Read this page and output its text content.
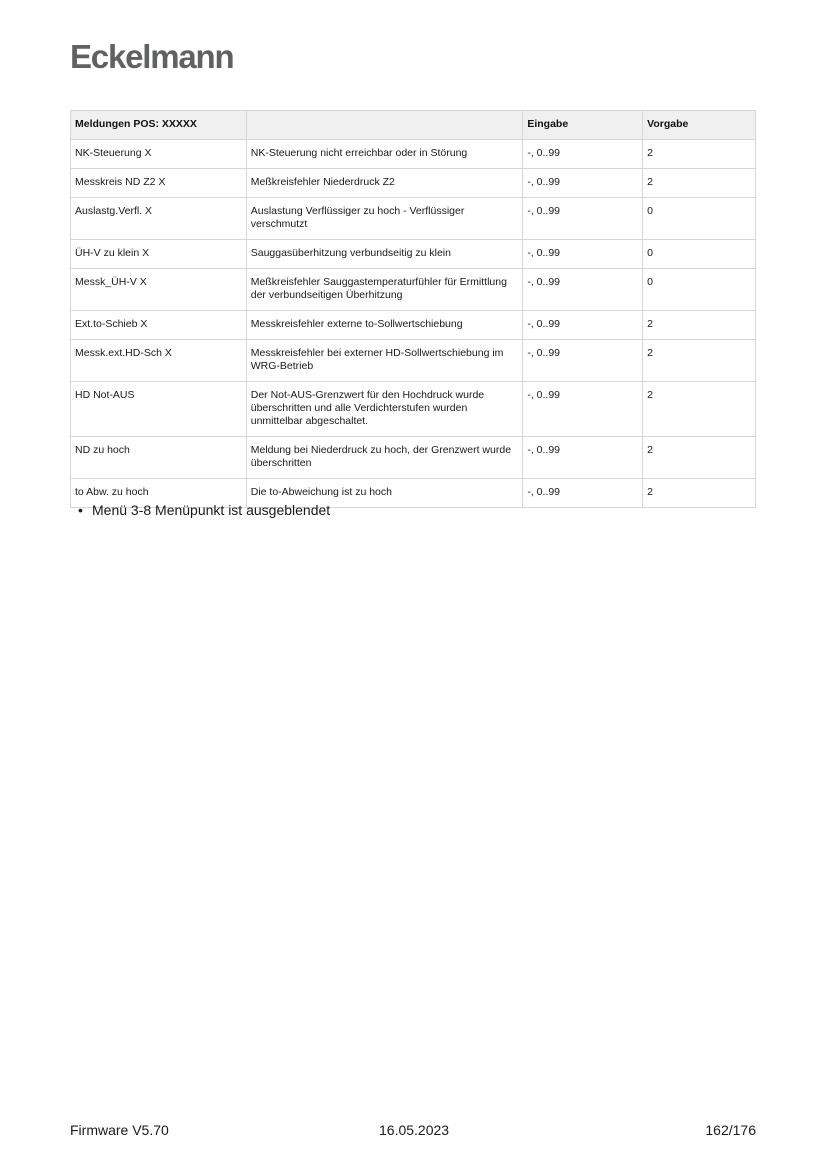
Eckelmann
Meldungen POS: XXXXX		Eingabe	Vorgabe
NK-Steuerung X	NK-Steuerung nicht erreichbar oder in Störung	-, 0..99	2
Messkreis ND Z2 X	Meßkreisfehler Niederdruck Z2	-, 0..99	2
Auslastg.Verfl. X	Auslastung Verflüssiger zu hoch - Verflüssiger verschmutzt	-, 0..99	0
ÜH-V zu klein X	Sauggasüberhitzung verbundseitig zu klein	-, 0..99	0
Messk_ÜH-V X	Meßkreisfehler Sauggastemperaturfühler für Ermittlung der verbundseitigen Überhitzung	-, 0..99	0
Ext.to-Schieb X	Messkreisfehler externe to-Sollwertschiebung	-, 0..99	2
Messk.ext.HD-Sch X	Messkreisfehler bei externer HD-Sollwertschiebung im WRG-Betrieb	-, 0..99	2
HD Not-AUS	Der Not-AUS-Grenzwert für den Hochdruck wurde überschritten und alle Verdichterstufen wurden unmittelbar abgeschaltet.	-, 0..99	2
ND zu hoch	Meldung bei Niederdruck zu hoch, der Grenzwert wurde überschritten	-, 0..99	2
to Abw. zu hoch	Die to-Abweichung ist zu hoch	-, 0..99	2
• Menü 3-8 Menüpunkt ist ausgeblendet
Firmware V5.70	16.05.2023	162/176
